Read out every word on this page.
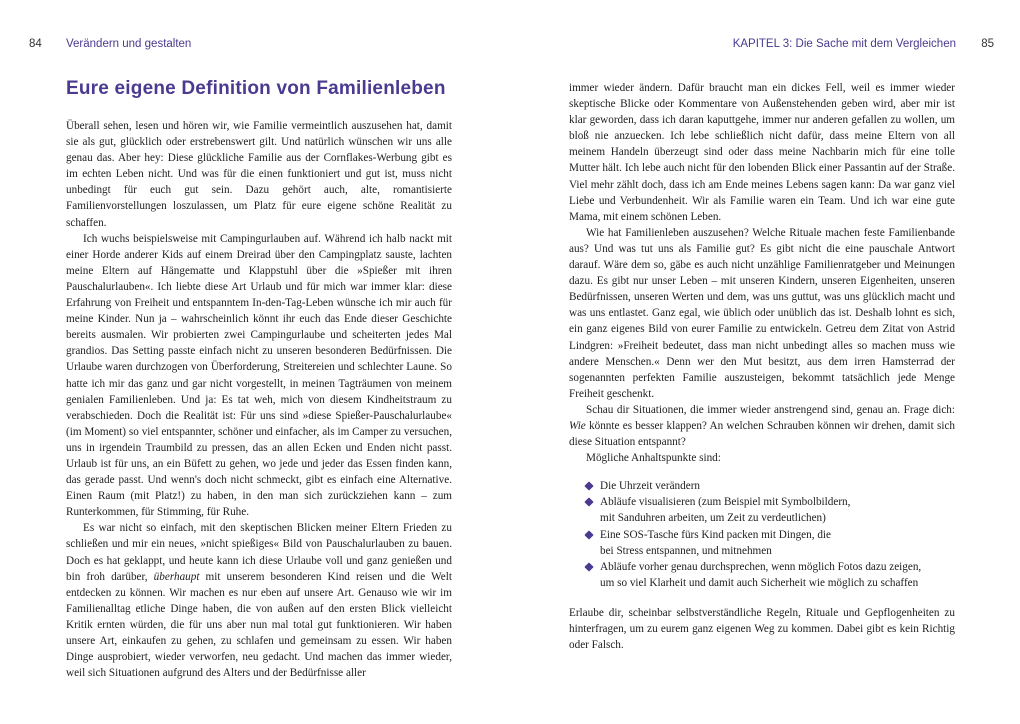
84 Verändern und gestalten
Eure eigene Definition von Familienleben

Überall sehen, lesen und hören wir, wie Familie vermeintlich auszusehen hat, damit sie als gut, glücklich oder erstrebenswert gilt. Und natürlich wünschen wir uns alle genau das. Aber hey: Diese glückliche Familie aus der Cornflakes-Werbung gibt es im echten Leben nicht. Und was für die einen funktioniert und gut ist, muss nicht unbedingt für euch gut sein. Dazu gehört auch, alte, romantisierte Familienvorstellungen loszulassen, um Platz für eure eigene schöne Realität zu schaffen.

Ich wuchs beispielsweise mit Campingurlauben auf. Während ich halb nackt mit einer Horde anderer Kids auf einem Dreirad über den Campingplatz sauste, lachten meine Eltern auf Hängematte und Klappstuhl über die »Spießer mit ihren Pauschalurlauben«. Ich liebte diese Art Urlaub und für mich war immer klar: diese Erfahrung von Freiheit und entspanntem In-den-Tag-Leben wünsche ich mir auch für meine Kinder. Nun ja – wahrscheinlich könnt ihr euch das Ende dieser Geschichte bereits ausmalen. Wir probierten zwei Campingurlaube und scheiterten jedes Mal grandios. Das Setting passte einfach nicht zu unseren besonderen Bedürfnissen. Die Urlaube waren durchzogen von Überforderung, Streitereien und schlechter Laune. So hatte ich mir das ganz und gar nicht vorgestellt, in meinen Tagträumen von meinem genialen Familienleben. Und ja: Es tat weh, mich von diesem Kindheitstraum zu verabschieden. Doch die Realität ist: Für uns sind »diese Spießer-Pauschalurlaube« (im Moment) so viel entspannter, schöner und einfacher, als im Camper zu versuchen, uns in irgendein Traumbild zu pressen, das an allen Ecken und Enden nicht passt. Urlaub ist für uns, an ein Büfett zu gehen, wo jede und jeder das Essen finden kann, das gerade passt. Und wenn's doch nicht schmeckt, gibt es einfach eine Alternative. Einen Raum (mit Platz!) zu haben, in den man sich zurückziehen kann – zum Runterkommen, für Stimming, für Ruhe.

Es war nicht so einfach, mit den skeptischen Blicken meiner Eltern Frieden zu schließen und mir ein neues, »nicht spießiges« Bild von Pauschalurlauben zu bauen. Doch es hat geklappt, und heute kann ich diese Urlaube voll und ganz genießen und bin froh darüber, überhaupt mit unserem besonderen Kind reisen und die Welt entdecken zu können. Wir machen es nur eben auf unsere Art. Genauso wie wir im Familienalltag etliche Dinge haben, die von außen auf den ersten Blick vielleicht Kritik ernten würden, die für uns aber nun mal total gut funktionieren. Wir haben unsere Art, einkaufen zu gehen, zu schlafen und gemeinsam zu essen. Wir haben Dinge ausprobiert, wieder verworfen, neu gedacht. Und machen das immer wieder, weil sich Situationen aufgrund des Alters und der Bedürfnisse aller

KAPITEL 3: Die Sache mit dem Vergleichen 85

immer wieder ändern. Dafür braucht man ein dickes Fell, weil es immer wieder skeptische Blicke oder Kommentare von Außenstehenden geben wird, aber mir ist klar geworden, dass ich daran kaputtgehe, immer nur anderen gefallen zu wollen, um bloß nie anzuecken. Ich lebe schließlich nicht dafür, dass meine Eltern von all meinem Handeln überzeugt sind oder dass meine Nachbarin mich für eine tolle Mutter hält. Ich lebe auch nicht für den lobenden Blick einer Passantin auf der Straße. Viel mehr zählt doch, dass ich am Ende meines Lebens sagen kann: Da war ganz viel Liebe und Verbundenheit. Wir als Familie waren ein Team. Und ich war eine gute Mama, mit einem schönen Leben.

Wie hat Familienleben auszusehen? Welche Rituale machen feste Familienbande aus? Und was tut uns als Familie gut? Es gibt nicht die eine pauschale Antwort darauf. Wäre dem so, gäbe es auch nicht unzählige Familienratgeber und Meinungen dazu. Es gibt nur unser Leben – mit unseren Kindern, unseren Eigenheiten, unseren Bedürfnissen, unseren Werten und dem, was uns guttut, was uns glücklich macht und was uns entlastet. Ganz egal, wie üblich oder unüblich das ist. Deshalb lohnt es sich, ein ganz eigenes Bild von eurer Familie zu entwickeln. Getreu dem Zitat von Astrid Lindgren: »Freiheit bedeutet, dass man nicht unbedingt alles so machen muss wie andere Menschen.« Denn wer den Mut besitzt, aus dem irren Hamsterrad der sogenannten perfekten Familie auszusteigen, bekommt tatsächlich jede Menge Freiheit geschenkt.

Schau dir Situationen, die immer wieder anstrengend sind, genau an. Frage dich: Wie könnte es besser klappen? An welchen Schrauben können wir drehen, damit sich diese Situation entspannt?

Mögliche Anhaltspunkte sind:

Die Uhrzeit verändern
Abläufe visualisieren (zum Beispiel mit Symbolbildern,
mit Sanduhren arbeiten, um Zeit zu verdeutlichen)
Eine SOS-Tasche fürs Kind packen mit Dingen, die
bei Stress entspannen, und mitnehmen
Abläufe vorher genau durchsprechen, wenn möglich Fotos dazu zeigen,
um so viel Klarheit und damit auch Sicherheit wie möglich zu schaffen

Erlaube dir, scheinbar selbstverständliche Regeln, Rituale und Gepflogenheiten zu hinterfragen, um zu eurem ganz eigenen Weg zu kommen. Dabei gibt es kein Richtig oder Falsch.
